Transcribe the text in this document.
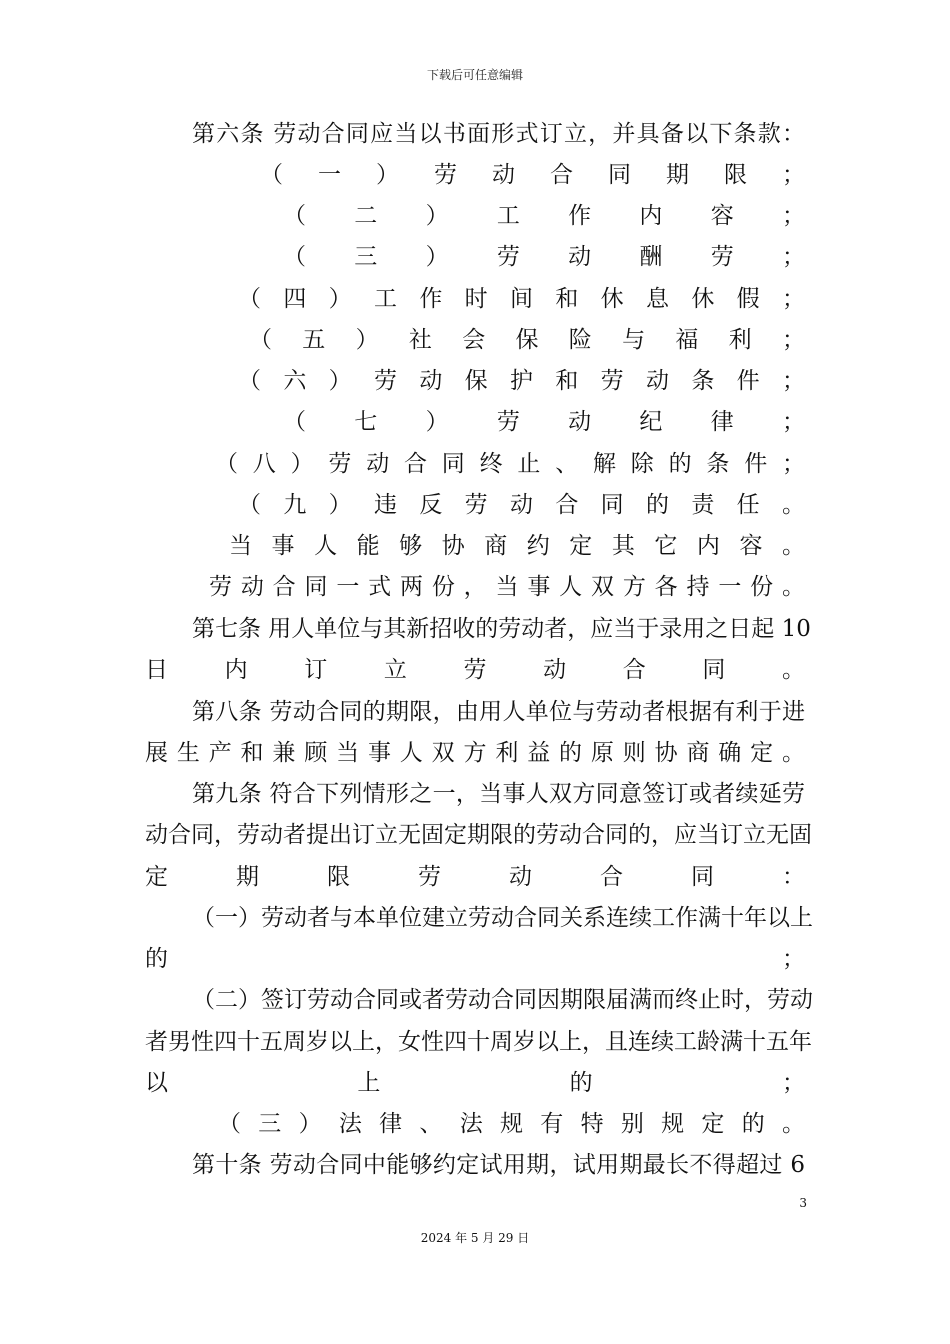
下载后可任意编辑
第六条 劳动合同应当以书面形式订立，并具备以下条款：
（ 一 ） 劳 动 合 同 期 限 ；
（ 二 ） 工 作 内 容 ；
（ 三 ） 劳 动 酬 劳 ；
（ 四 ） 工 作 时 间 和 休 息 休 假 ；
（ 五 ） 社 会 保 险 与 福 利 ；
（ 六 ） 劳 动 保 护 和 劳 动 条 件 ；
（ 七 ） 劳 动 纪 律 ；
（ 八 ） 劳 动 合 同 终 止 、 解 除 的 条 件 ；
（ 九 ） 违 反 劳 动 合 同 的 责 任 。
当 事 人 能 够 协 商 约 定 其 它 内 容 。
劳 动 合 同 一 式 两 份 ， 当 事 人 双 方 各 持 一 份 。
第七条 用人单位与其新招收的劳动者，应当于录用之日起 10
日 内 订 立 劳 动 合 同 。
第八条 劳动合同的期限，由用人单位与劳动者根据有利于进
展 生 产 和 兼 顾 当 事 人 双 方 利 益 的 原 则 协 商 确 定 。
第九条 符合下列情形之一，当事人双方同意签订或者续延劳
动合同，劳动者提出订立无固定期限的劳动合同的，应当订立无固
定 期 限 劳 动 合 同 ：
（一）劳动者与本单位建立劳动合同关系连续工作满十年以上
的 ；
（二）签订劳动合同或者劳动合同因期限届满而终止时，劳动
者男性四十五周岁以上，女性四十周岁以上，且连续工龄满十五年
以 上 的 ；
（ 三 ） 法 律 、 法 规 有 特 别 规 定 的 。
第十条 劳动合同中能够约定试用期，试用期最长不得超过 6
3
2024 年 5 月 29 日
